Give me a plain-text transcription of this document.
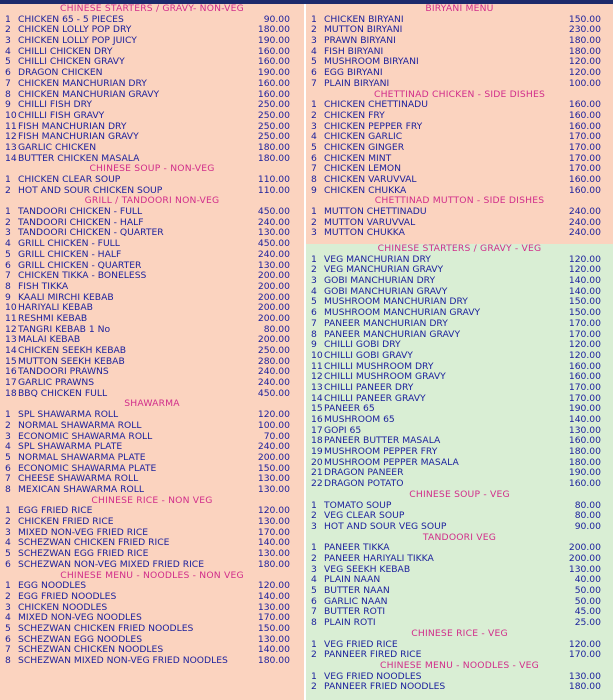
CHINESE STARTERS / GRAVY- NON-VEG
1 CHICKEN 65 - 5 PIECES	90.00
2 CHICKEN LOLLY POP DRY	180.00
3 CHICKEN LOLLY POP JUICY	190.00
4 CHILLI CHICKEN DRY	160.00
5 CHILLI CHICKEN GRAVY	160.00
6 DRAGON CHICKEN	190.00
7 CHICKEN MANCHURIAN DRY	160.00
8 CHICKEN MANCHURIAN GRAVY	160.00
9 CHILLI FISH DRY	250.00
10 CHILLI FISH GRAVY	250.00
11 FISH MANCHURIAN DRY	250.00
12 FISH MANCHURIAN GRAVY	250.00
13 GARLIC CHICKEN	180.00
14 BUTTER CHICKEN MASALA	180.00
CHINESE SOUP - NON-VEG
1 CHICKEN CLEAR SOUP	110.00
2 HOT AND SOUR CHICKEN SOUP	110.00
GRILL / TANDOORI NON-VEG
1 TANDOORI CHICKEN - FULL	450.00
2 TANDOORI CHICKEN - HALF	240.00
3 TANDOORI CHICKEN - QUARTER	130.00
4 GRILL CHICKEN - FULL	450.00
5 GRILL CHICKEN - HALF	240.00
6 GRILL CHICKEN - QUARTER	130.00
7 CHICKEN TIKKA - BONELESS	200.00
8 FISH TIKKA	200.00
9 KAALI MIRCHI KEBAB	200.00
10 HARIYALI KEBAB	200.00
11 RESHMI KEBAB	200.00
12 TANGRI KEBAB 1 No	80.00
13 MALAI KEBAB	200.00
14 CHICKEN SEEKH KEBAB	250.00
15 MUTTON SEEKH KEBAB	280.00
16 TANDOORI PRAWNS	240.00
17 GARLIC PRAWNS	240.00
18 BBQ CHICKEN FULL	450.00
SHAWARMA
1 SPL SHAWARMA ROLL	120.00
2 NORMAL SHAWARMA ROLL	100.00
3 ECONOMIC SHAWARMA ROLL	70.00
4 SPL SHAWARMA PLATE	240.00
5 NORMAL SHAWARMA PLATE	200.00
6 ECONOMIC SHAWARMA PLATE	150.00
7 CHEESE SHAWARMA ROLL	130.00
8 MEXICAN SHAWARMA ROLL	130.00
CHINESE RICE - NON VEG
1 EGG FRIED RICE	120.00
2 CHICKEN FRIED RICE	130.00
3 MIXED NON-VEG FRIED RICE	170.00
4 SCHEZWAN CHICKEN FRIED RICE	140.00
5 SCHEZWAN EGG FRIED RICE	130.00
6 SCHEZWAN NON-VEG MIXED FRIED RICE	180.00
CHINESE MENU - NOODLES - NON VEG
1 EGG NOODLES	120.00
2 EGG FRIED NOODLES	140.00
3 CHICKEN NOODLES	130.00
4 MIXED NON-VEG NOODLES	170.00
5 SCHEZWAN CHICKEN FRIED NOODLES	150.00
6 SCHEZWAN EGG NOODLES	130.00
7 SCHEZWAN CHICKEN NOODLES	140.00
8 SCHEZWAN MIXED NON-VEG FRIED NOODLES	180.00
BIRYANI MENU
1 CHICKEN BIRYANI	150.00
2 MUTTON BIRYANI	230.00
3 PRAWN BIRYANI	180.00
4 FISH BIRYANI	180.00
5 MUSHROOM BIRYANI	120.00
6 EGG BIRYANI	120.00
7 PLAIN BIRYANI	100.00
CHETTINAD CHICKEN - SIDE DISHES
1 CHICKEN CHETTINADU	160.00
2 CHICKEN FRY	160.00
3 CHICKEN PEPPER FRY	160.00
4 CHICKEN GARLIC	170.00
5 CHICKEN GINGER	170.00
6 CHICKEN MINT	170.00
7 CHICKEN LEMON	170.00
8 CHICKEN VARUVVAL	160.00
9 CHICKEN CHUKKA	160.00
CHETTINAD MUTTON - SIDE DISHES
1 MUTTON CHETTINADU	240.00
2 MUTTON VARUVVAL	240.00
3 MUTTON CHUKKA	240.00
CHINESE STARTERS / GRAVY - VEG
1 VEG MANCHURIAN DRY	120.00
2 VEG MANCHURIAN GRAVY	120.00
3 GOBI MANCHURIAN DRY	140.00
4 GOBI MANCHURIAN GRAVY	140.00
5 MUSHROOM MANCHURIAN DRY	150.00
6 MUSHROOM MANCHURIAN GRAVY	150.00
7 PANEER MANCHURIAN DRY	170.00
8 PANEER MANCHURIAN GRAVY	170.00
9 CHILLI GOBI DRY	120.00
10 CHILLI GOBI GRAVY	120.00
11 CHILLI MUSHROOM DRY	160.00
12 CHILLI MUSHROOM GRAVY	160.00
13 CHILLI PANEER DRY	170.00
14 CHILLI PANEER GRAVY	170.00
15 PANEER 65	190.00
16 MUSHROOM 65	140.00
17 GOPI 65	130.00
18 PANEER BUTTER MASALA	160.00
19 MUSHROOM PEPPER FRY	180.00
20 MUSHROOM PEPPER MASALA	180.00
21 DRAGON PANEER	190.00
22 DRAGON POTATO	160.00
CHINESE SOUP - VEG
1 TOMATO SOUP	80.00
2 VEG CLEAR SOUP	80.00
3 HOT AND SOUR VEG SOUP	90.00
TANDOORI VEG
1 PANEER TIKKA	200.00
2 PANEER HARIYALI TIKKA	200.00
3 VEG SEEKH KEBAB	130.00
4 PLAIN NAAN	40.00
5 BUTTER NAAN	50.00
6 GARLIC NAAN	50.00
7 BUTTER ROTI	45.00
8 PLAIN ROTI	25.00
CHINESE RICE - VEG
1 VEG FRIED RICE	120.00
2 PANNEER FIRED RICE	170.00
CHINESE MENU - NOODLES - VEG
1 VEG FRIED NOODLES	130.00
2 PANNEER FRIED NOODLES	180.00
